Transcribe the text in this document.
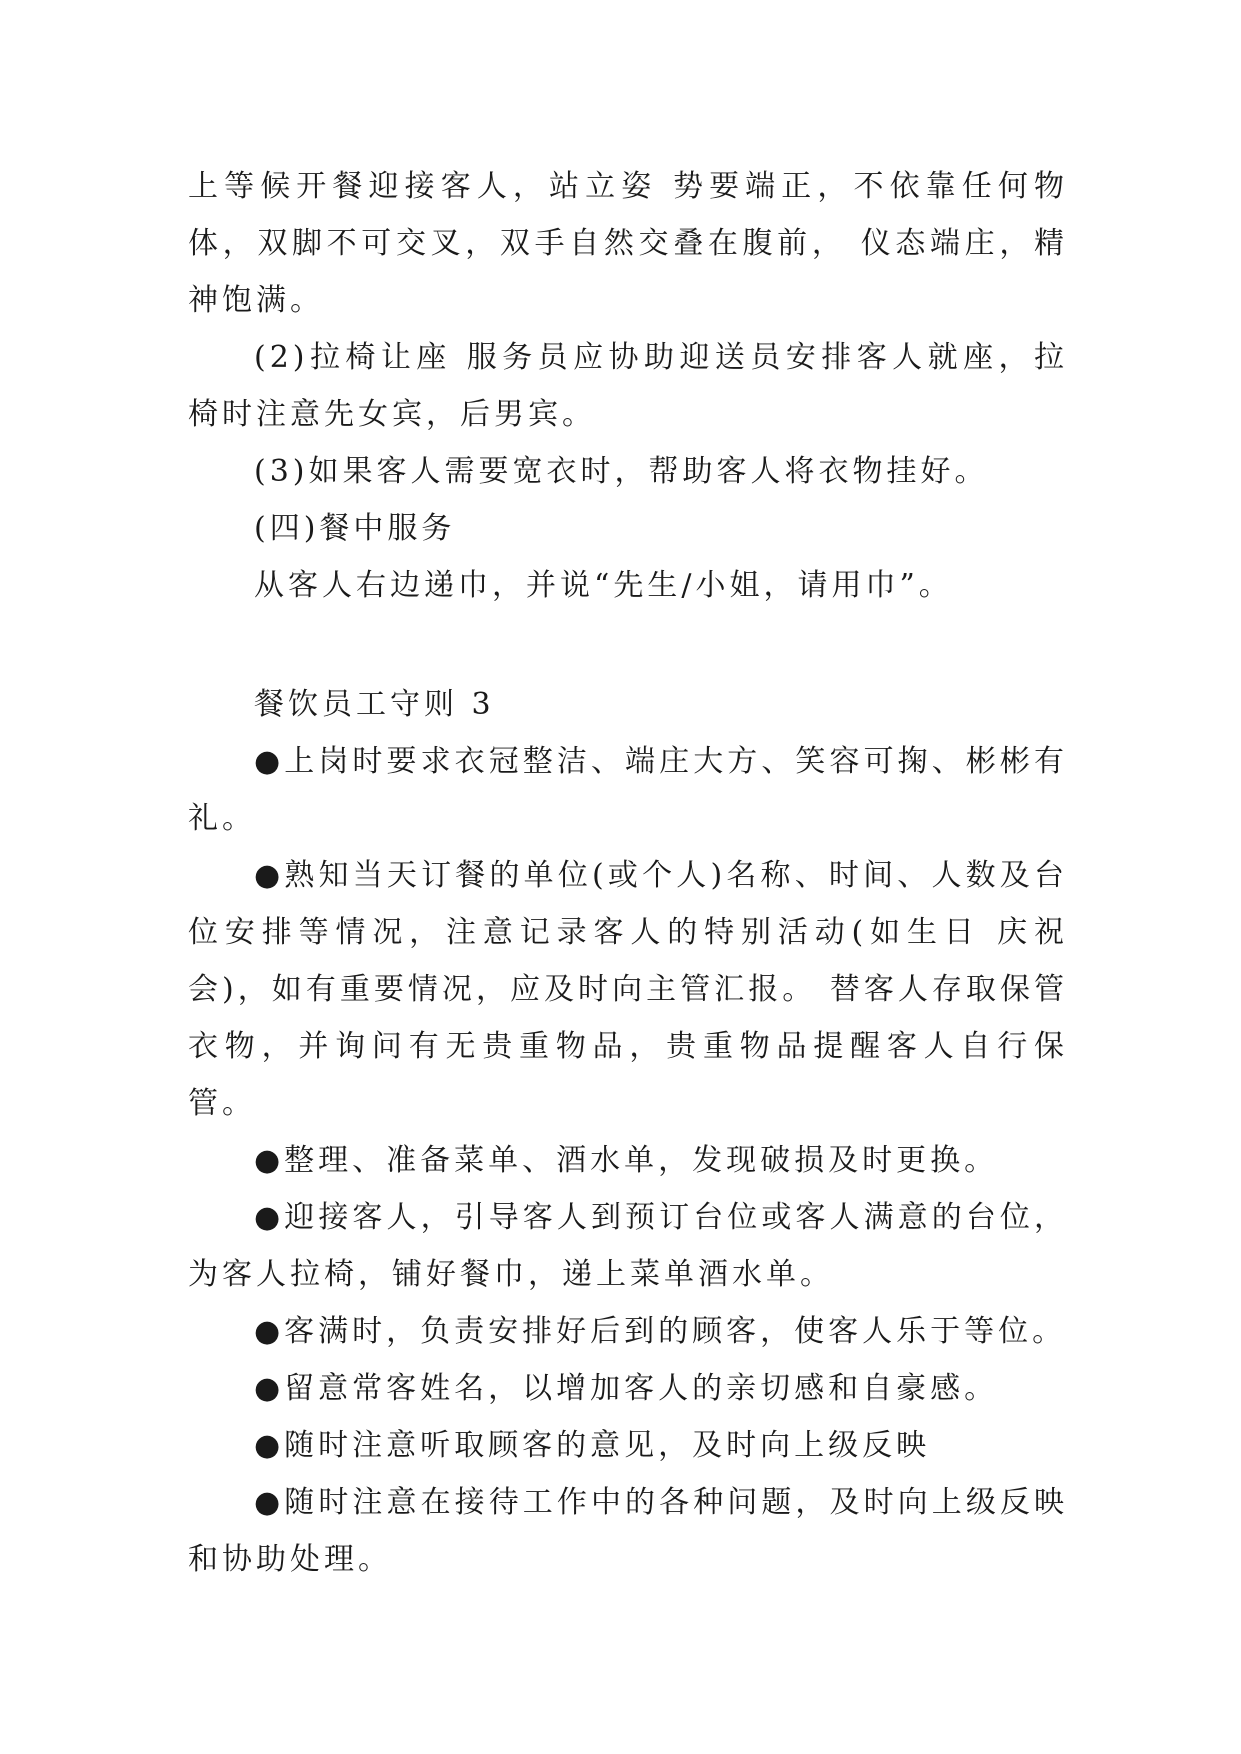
上等候开餐迎接客人，站立姿 势要端正，不依靠任何物体，双脚不可交叉，双手自然交叠在腹前， 仪态端庄，精神饱满。

(2)拉椅让座 服务员应协助迎送员安排客人就座，拉椅时注意先女宾，后男宾。

(3)如果客人需要宽衣时，帮助客人将衣物挂好。

(四)餐中服务

从客人右边递巾，并说“先生/小姐，请用巾”。

餐饮员工守则 3

●上岗时要求衣冠整洁、端庄大方、笑容可掬、彬彬有礼。

●熟知当天订餐的单位(或个人)名称、时间、人数及台位安排等情况，注意记录客人的特别活动(如生日 庆祝会)，如有重要情况，应及时向主管汇报。 替客人存取保管衣物，并询问有无贵重物品，贵重物品提醒客人自行保管。

●整理、准备菜单、酒水单，发现破损及时更换。

●迎接客人，引导客人到预订台位或客人满意的台位，为客人拉椅，铺好餐巾，递上菜单酒水单。

●客满时，负责安排好后到的顾客，使客人乐于等位。

●留意常客姓名，以增加客人的亲切感和自豪感。

●随时注意听取顾客的意见，及时向上级反映

●随时注意在接待工作中的各种问题，及时向上级反映和协助处理。
